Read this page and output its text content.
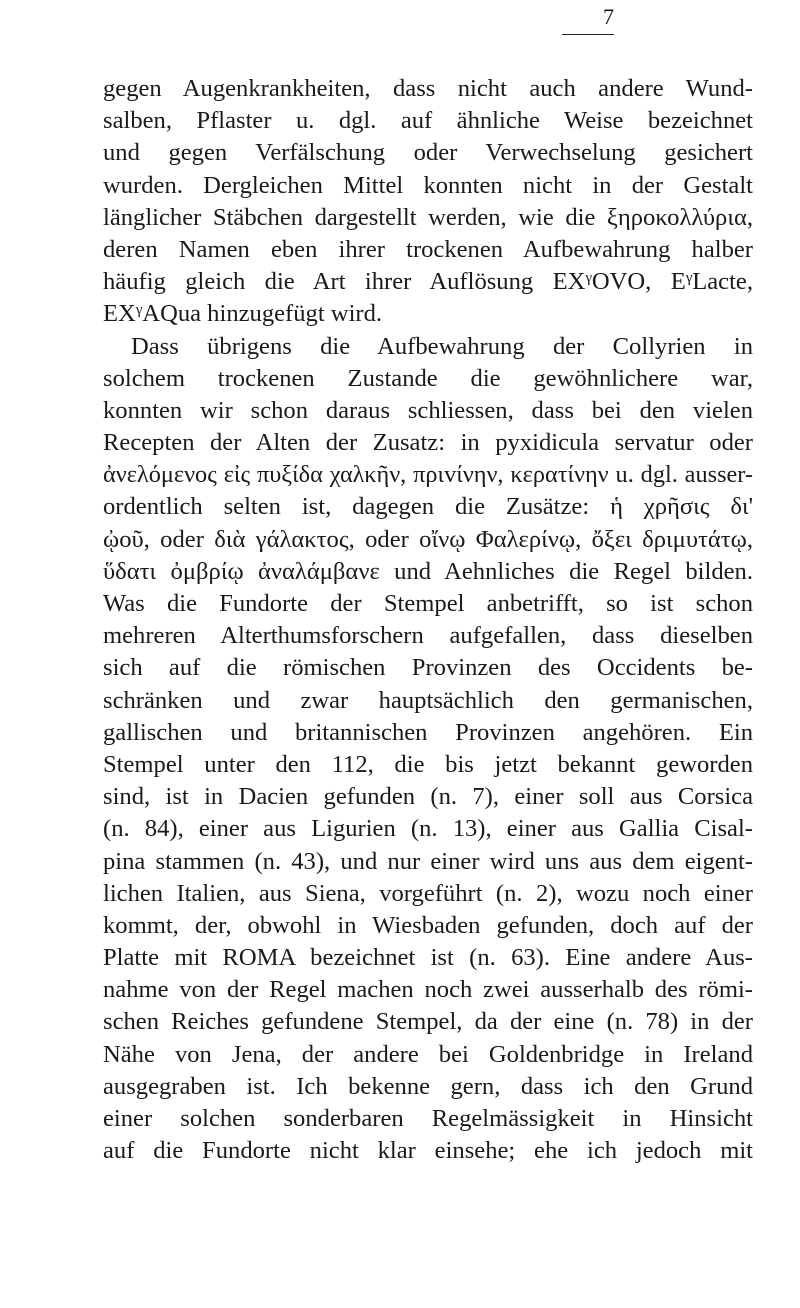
7
gegen Augenkrankheiten, dass nicht auch andere Wund-
salben, Pflaster u. dgl. auf ähnliche Weise bezeichnet
und gegen Verfälschung oder Verwechselung gesichert
wurden. Dergleichen Mittel konnten nicht in der Gestalt
länglicher Stäbchen dargestellt werden, wie die ξηροκολλύρια,
deren Namen eben ihrer trockenen Aufbewahrung halber
häufig gleich die Art ihrer Auflösung EXᵞOVO, EᵞLacte,
EXᵞAQua hinzugefügt wird.
Dass übrigens die Aufbewahrung der Collyrien in
solchem trockenen Zustande die gewöhnlichere war,
konnten wir schon daraus schliessen, dass bei den vielen
Recepten der Alten der Zusatz: in pyxidicula servatur oder
ἀνελόμενος εἰς πυξίδα χαλκῆν, πριvίνην, κερατίνην u. dgl. ausser-
ordentlich selten ist, dagegen die Zusätze: ἡ χρῆσις δι'
ᾠοῦ, oder διὰ γάλακτος, oder οἴνῳ Φαλερίνῳ, ὄξει δριμυτάτῳ,
ὕδατι ὀμβρίῳ ἀναλάμβανε und Aehnliches die Regel bilden.
Was die Fundorte der Stempel anbetrifft, so ist schon
mehreren Alterthumsforschern aufgefallen, dass dieselben
sich auf die römischen Provinzen des Occidents be-
schränken und zwar hauptsächlich den germanischen,
gallischen und britannischen Provinzen angehören. Ein
Stempel unter den 112, die bis jetzt bekannt geworden
sind, ist in Dacien gefunden (n. 7), einer soll aus Corsica
(n. 84), einer aus Ligurien (n. 13), einer aus Gallia Cisal-
pina stammen (n. 43), und nur einer wird uns aus dem eigent-
lichen Italien, aus Siena, vorgeführt (n. 2), wozu noch einer
kommt, der, obwohl in Wiesbaden gefunden, doch auf der
Platte mit ROMA bezeichnet ist (n. 63). Eine andere Aus-
nahme von der Regel machen noch zwei ausserhalb des römi-
schen Reiches gefundene Stempel, da der eine (n. 78) in der
Nähe von Jena, der andere bei Goldenbridge in Ireland
ausgegraben ist. Ich bekenne gern, dass ich den Grund
einer solchen sonderbaren Regelmässigkeit in Hinsicht
auf die Fundorte nicht klar einsehe; ehe ich jedoch mit
